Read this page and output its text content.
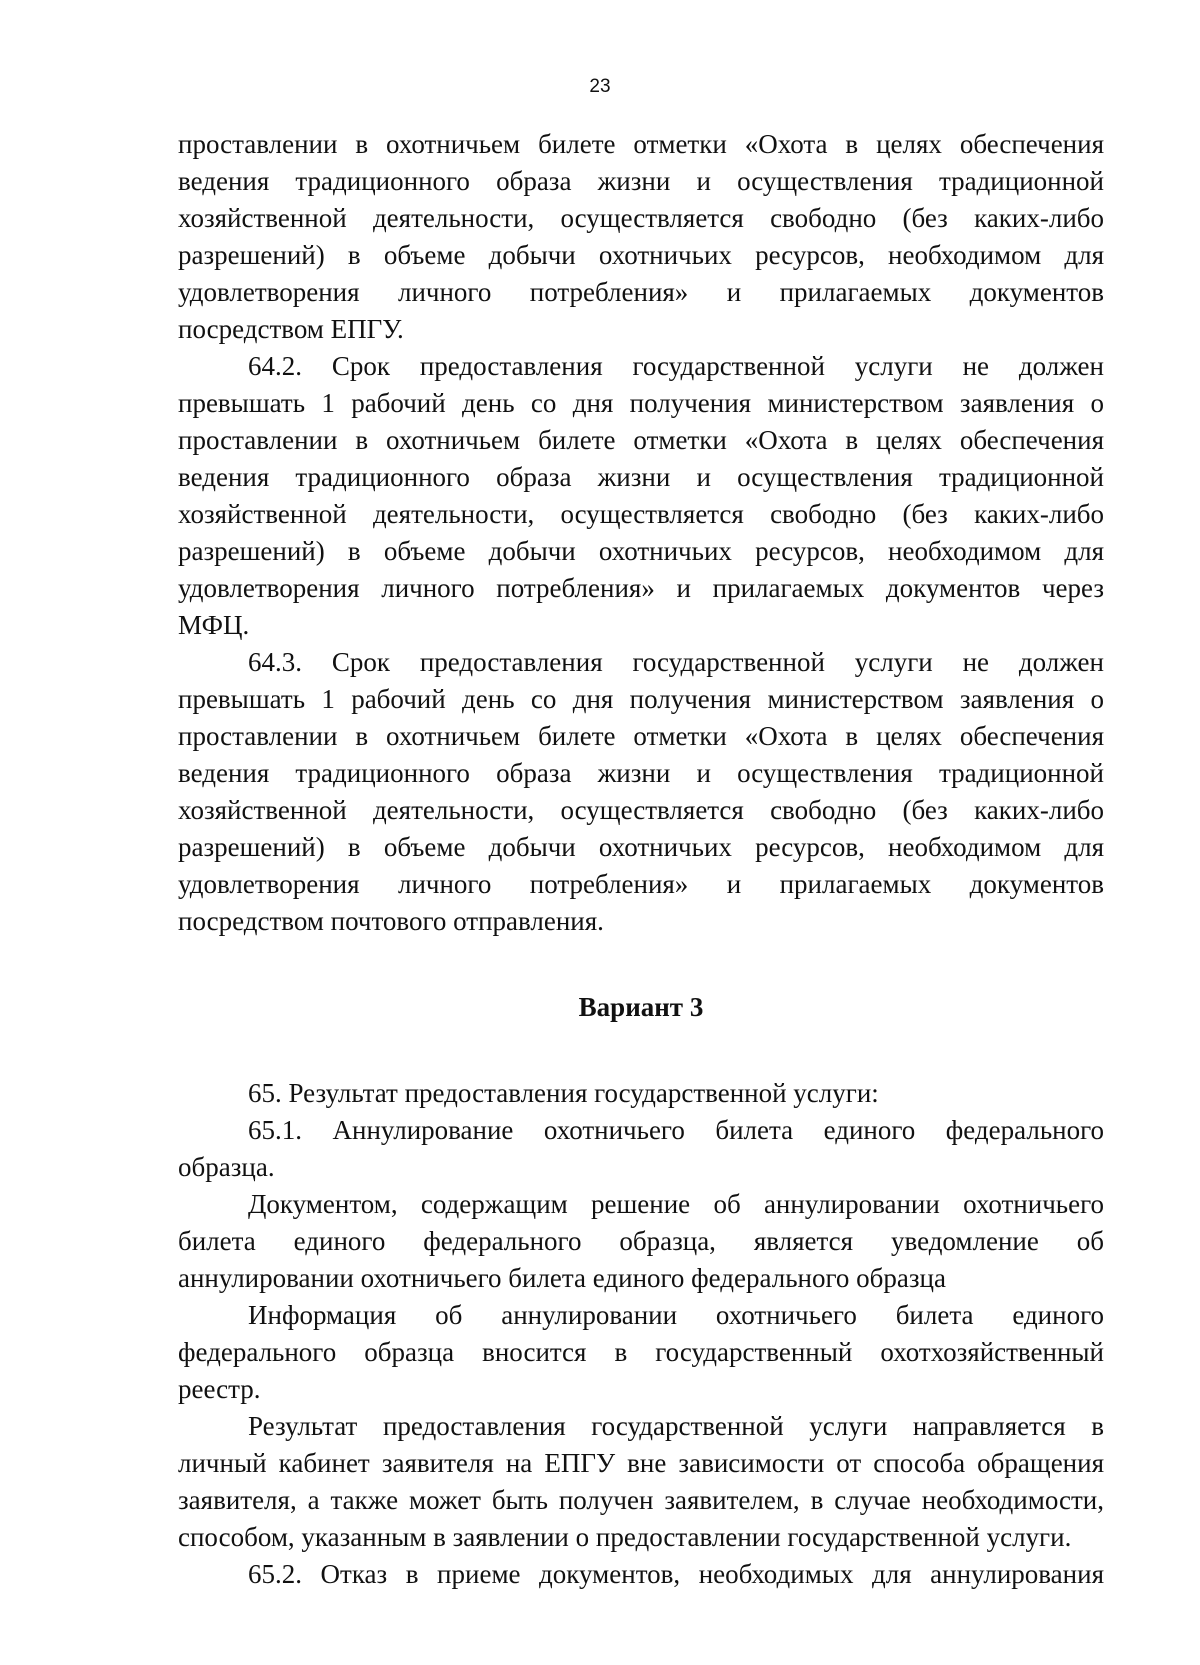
23
проставлении в охотничьем билете отметки «Охота в целях обеспечения
ведения традиционного образа жизни и осуществления традиционной
хозяйственной деятельности, осуществляется свободно (без каких-либо
разрешений) в объеме добычи охотничьих ресурсов, необходимом для
удовлетворения личного потребления» и прилагаемых документов
посредством ЕПГУ.
64.2. Срок предоставления государственной услуги не должен
превышать 1 рабочий день со дня получения министерством заявления о
проставлении в охотничьем билете отметки «Охота в целях обеспечения
ведения традиционного образа жизни и осуществления традиционной
хозяйственной деятельности, осуществляется свободно (без каких-либо
разрешений) в объеме добычи охотничьих ресурсов, необходимом для
удовлетворения личного потребления» и прилагаемых документов через
МФЦ.
64.3. Срок предоставления государственной услуги не должен
превышать 1 рабочий день со дня получения министерством заявления о
проставлении в охотничьем билете отметки «Охота в целях обеспечения
ведения традиционного образа жизни и осуществления традиционной
хозяйственной деятельности, осуществляется свободно (без каких-либо
разрешений) в объеме добычи охотничьих ресурсов, необходимом для
удовлетворения личного потребления» и прилагаемых документов
посредством почтового отправления.
Вариант 3
65. Результат предоставления государственной услуги:
65.1. Аннулирование охотничьего билета единого федерального
образца.
Документом, содержащим решение об аннулировании охотничьего
билета единого федерального образца, является уведомление об
аннулировании охотничьего билета единого федерального образца
Информация об аннулировании охотничьего билета единого
федерального образца вносится в государственный охотхозяйственный
реестр.
Результат предоставления государственной услуги направляется в
личный кабинет заявителя на ЕПГУ вне зависимости от способа обращения
заявителя, а также может быть получен заявителем, в случае необходимости,
способом, указанным в заявлении о предоставлении государственной услуги.
65.2. Отказ в приеме документов, необходимых для аннулирования
